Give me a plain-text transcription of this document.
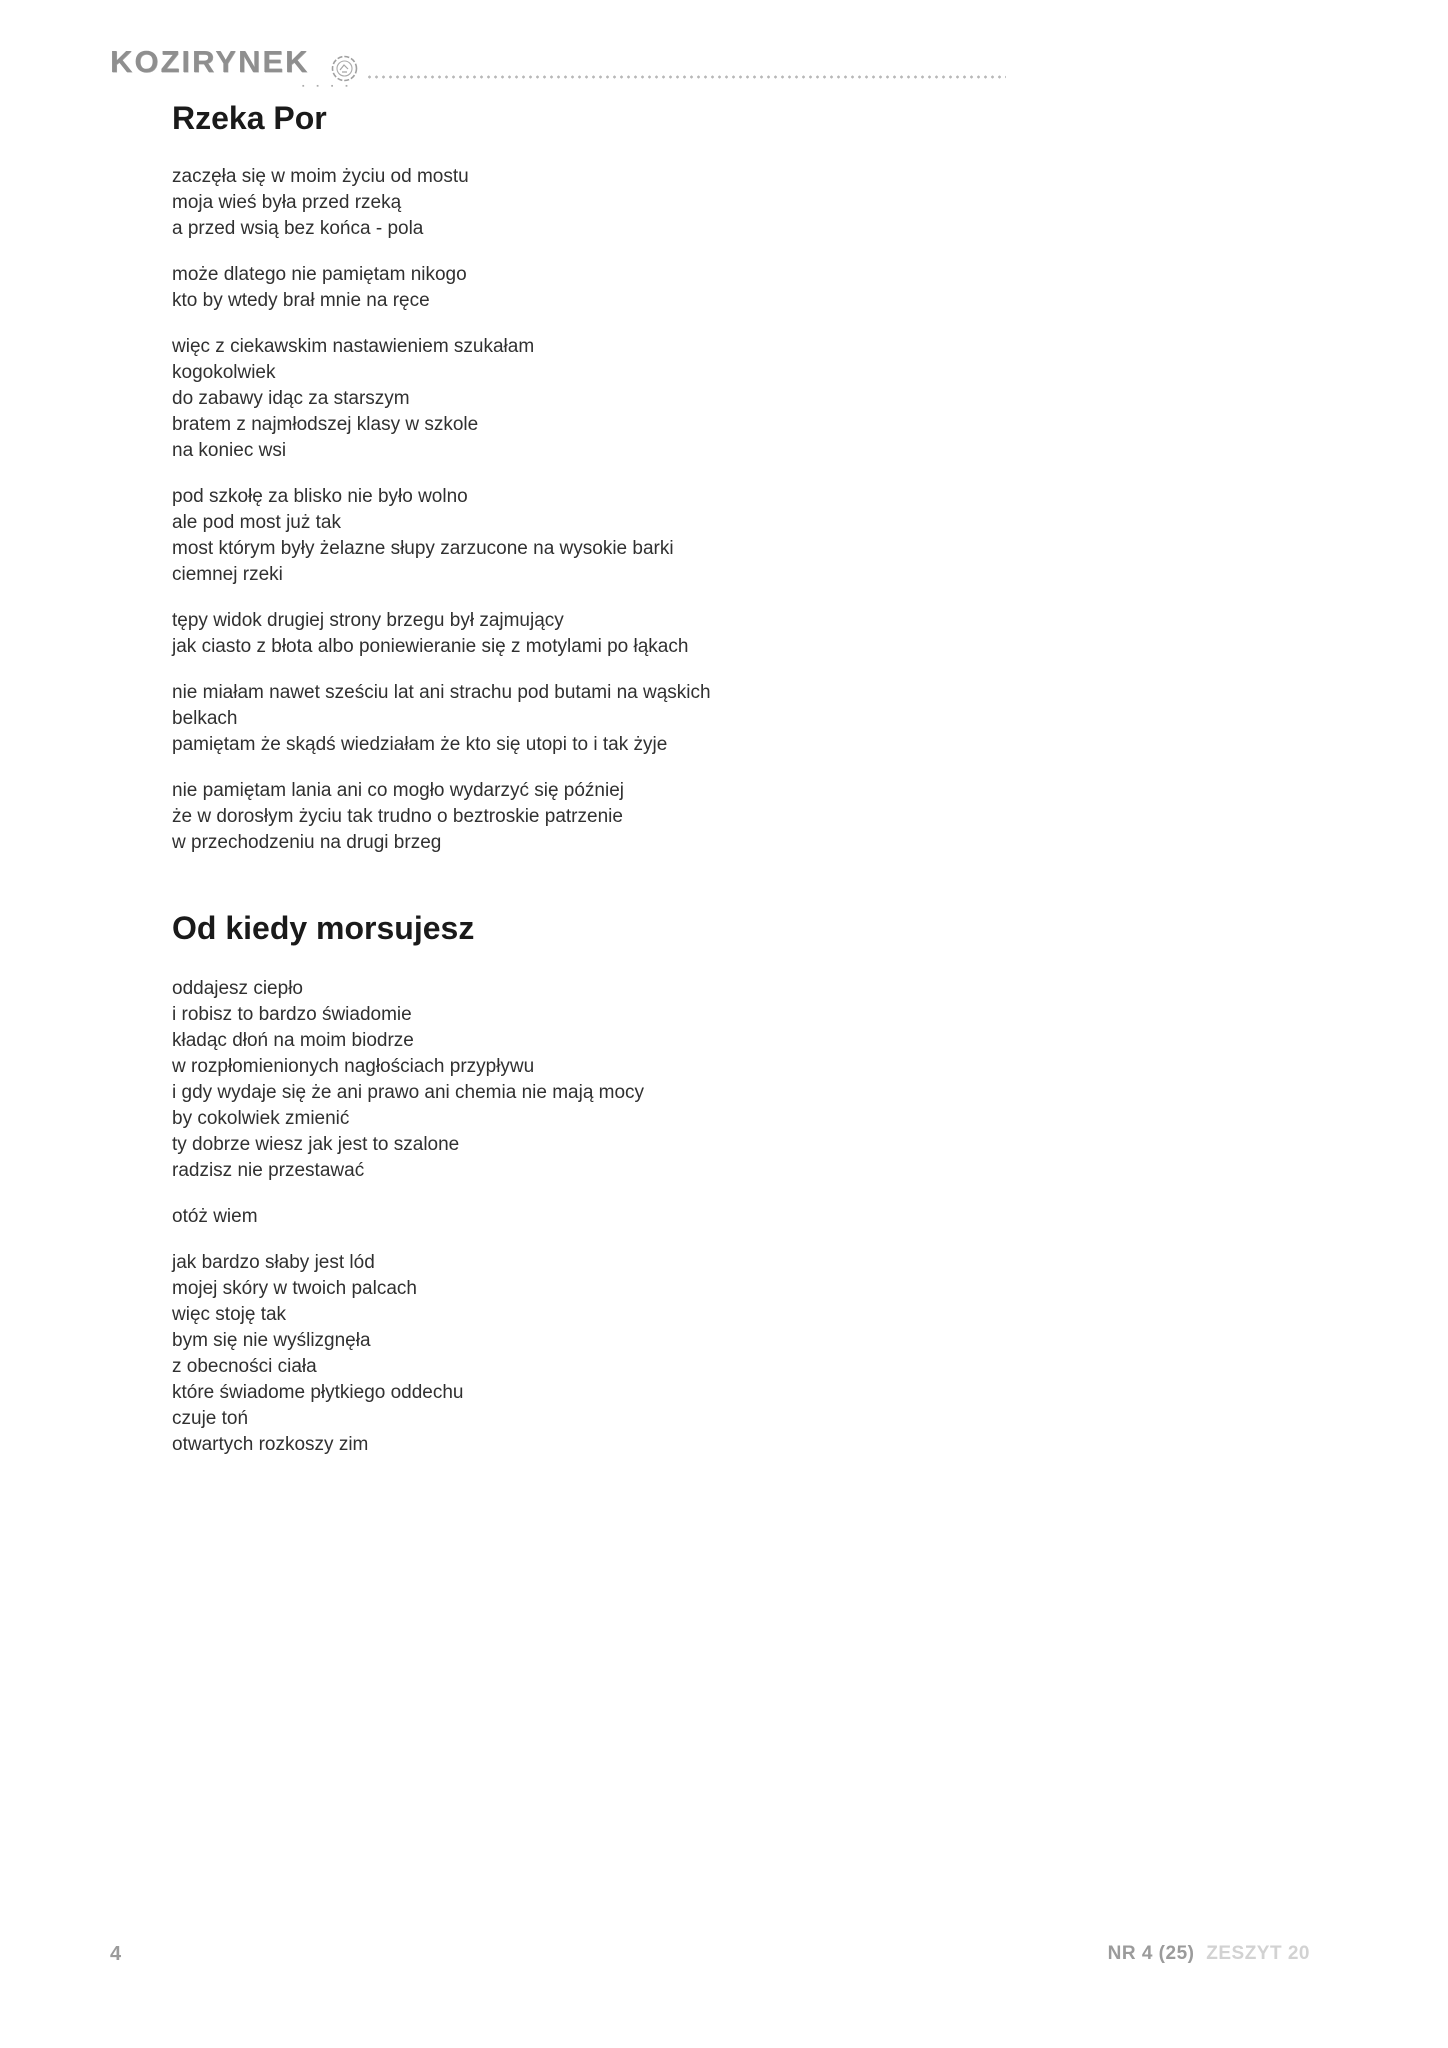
KOZIRYNEK
▪ ▪ ▪ ▪
Rzeka Por
zaczęła się w moim życiu od mostu
moja wieś była przed rzeką
a przed wsią bez końca - pola
może dlatego nie pamiętam nikogo
kto by wtedy brał mnie na ręce
więc z ciekawskim nastawieniem szukałam
kogokolwiek
do zabawy idąc za starszym
bratem z najmłodszej klasy w szkole
na koniec wsi
pod szkołę za blisko nie było wolno
ale pod most już tak
most którym były żelazne słupy zarzucone na wysokie barki
ciemnej rzeki
tępy widok drugiej strony brzegu był zajmujący
jak ciasto z błota albo poniewieranie się z motylami po łąkach
nie miałam nawet sześciu lat ani strachu pod butami na wąskich
belkach
pamiętam że skądś wiedziałam że kto się utopi to i tak żyje
nie pamiętam lania ani co mogło wydarzyć się później
że w dorosłym życiu tak trudno o beztroskie patrzenie
w przechodzeniu na drugi brzeg
Od kiedy morsujesz
oddajesz ciepło
i robisz to bardzo świadomie
kładąc dłoń na moim biodrze
w rozpłomienionych nagłościach przypływu
i gdy wydaje się że ani prawo ani chemia nie mają mocy
by cokolwiek zmienić
ty dobrze wiesz jak jest to szalone
radzisz nie przestawać
otóż wiem
jak bardzo słaby jest lód
mojej skóry w twoich palcach
więc stoję tak
bym się nie wyślizgnęła
z obecności ciała
które świadome płytkiego oddechu
czuje toń
otwartych rozkoszy zim
4	NR 4 (25) ZESZYT 20
